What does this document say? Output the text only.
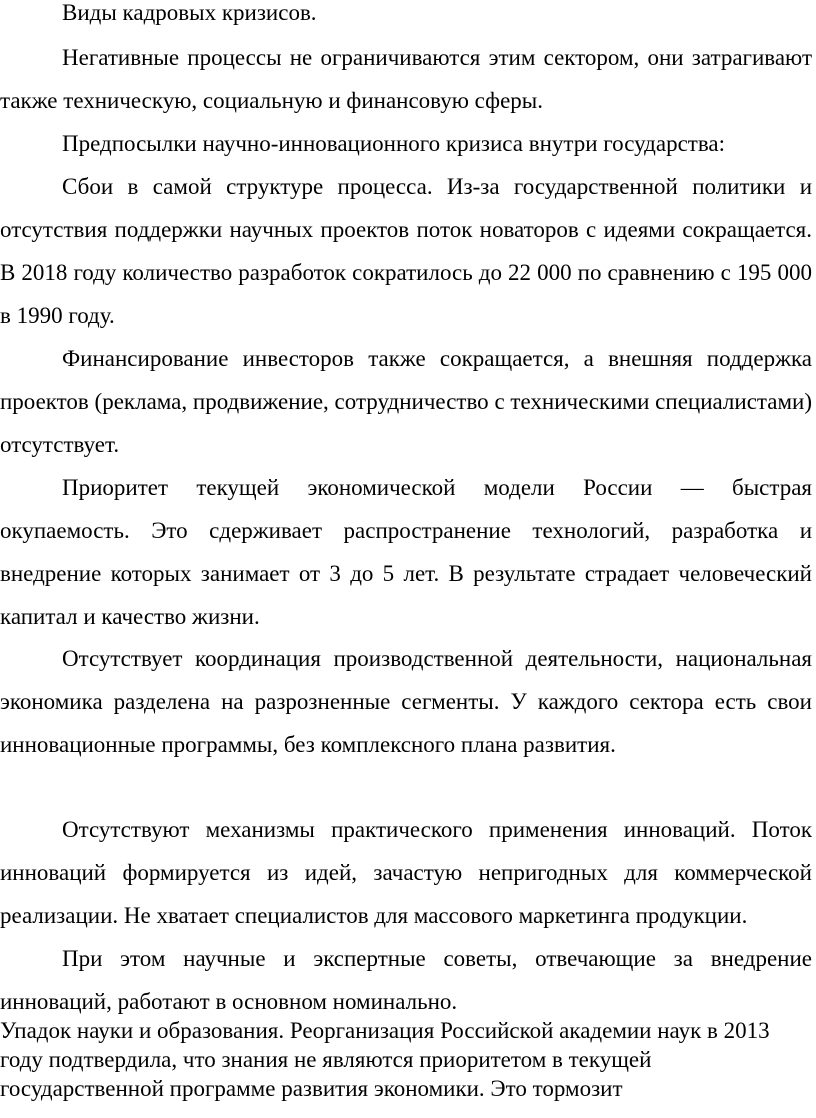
Виды кадровых кризисов.

Негативные процессы не ограничиваются этим сектором, они затрагивают также техническую, социальную и финансовую сферы.

Предпосылки научно-инновационного кризиса внутри государства:

Сбои в самой структуре процесса. Из-за государственной политики и отсутствия поддержки научных проектов поток новаторов с идеями сокращается. В 2018 году количество разработок сократилось до 22 000 по сравнению с 195 000 в 1990 году.

Финансирование инвесторов также сокращается, а внешняя поддержка проектов (реклама, продвижение, сотрудничество с техническими специалистами) отсутствует.

Приоритет текущей экономической модели России — быстрая окупаемость. Это сдерживает распространение технологий, разработка и внедрение которых занимает от 3 до 5 лет. В результате страдает человеческий капитал и качество жизни.

Отсутствует координация производственной деятельности, национальная экономика разделена на разрозненные сегменты. У каждого сектора есть свои инновационные программы, без комплексного плана развития.

Отсутствуют механизмы практического применения инноваций. Поток инноваций формируется из идей, зачастую непригодных для коммерческой реализации. Не хватает специалистов для массового маркетинга продукции.

При этом научные и экспертные советы, отвечающие за внедрение инноваций, работают в основном номинально.

Упадок науки и образования. Реорганизация Российской академии наук в 2013 году подтвердила, что знания не являются приоритетом в текущей государственной программе развития экономики. Это тормозит
